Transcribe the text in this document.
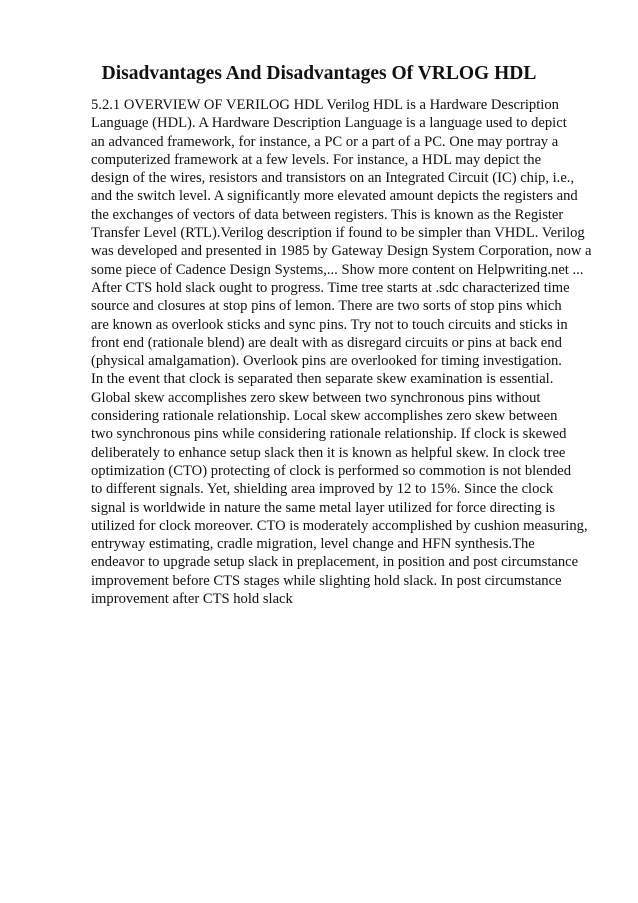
Disadvantages And Disadvantages Of VRLOG HDL
5.2.1 OVERVIEW OF VERILOG HDL Verilog HDL is a Hardware Description
Language (HDL). A Hardware Description Language is a language used to depict
an advanced framework, for instance, a PC or a part of a PC. One may portray a
computerized framework at a few levels. For instance, a HDL may depict the
design of the wires, resistors and transistors on an Integrated Circuit (IC) chip, i.e.,
and the switch level. A significantly more elevated amount depicts the registers and
the exchanges of vectors of data between registers. This is known as the Register
Transfer Level (RTL).Verilog description if found to be simpler than VHDL. Verilog
was developed and presented in 1985 by Gateway Design System Corporation, now a
some piece of Cadence Design Systems,... Show more content on Helpwriting.net ...
After CTS hold slack ought to progress. Time tree starts at .sdc characterized time
source and closures at stop pins of lemon. There are two sorts of stop pins which
are known as overlook sticks and sync pins. Try not to touch circuits and sticks in
front end (rationale blend) are dealt with as disregard circuits or pins at back end
(physical amalgamation). Overlook pins are overlooked for timing investigation.
In the event that clock is separated then separate skew examination is essential.
Global skew accomplishes zero skew between two synchronous pins without
considering rationale relationship. Local skew accomplishes zero skew between
two synchronous pins while considering rationale relationship. If clock is skewed
deliberately to enhance setup slack then it is known as helpful skew. In clock tree
optimization (CTO) protecting of clock is performed so commotion is not blended
to different signals. Yet, shielding area improved by 12 to 15%. Since the clock
signal is worldwide in nature the same metal layer utilized for force directing is
utilized for clock moreover. CTO is moderately accomplished by cushion measuring,
entryway estimating, cradle migration, level change and HFN synthesis.The
endeavor to upgrade setup slack in preplacement, in position and post circumstance
improvement before CTS stages while slighting hold slack. In post circumstance
improvement after CTS hold slack
